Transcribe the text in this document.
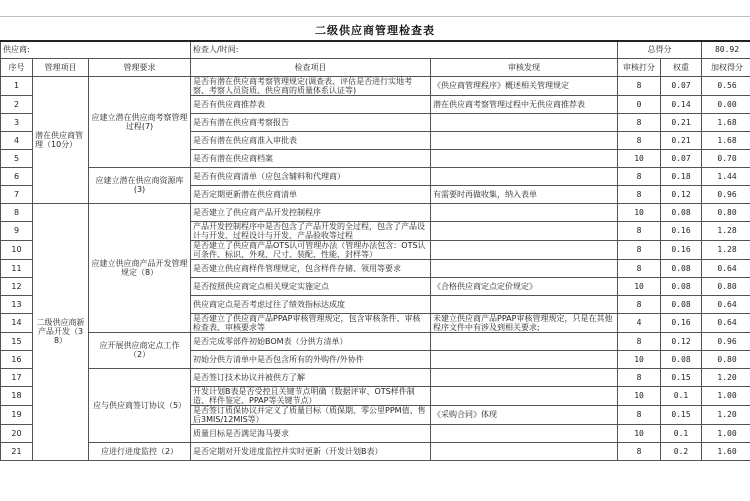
二级供应商管理检查表
供应商:			检查人/时间:		总得分		80.92
序号	管理项目	管理要求	检查项目	审核发现	审核打分	权重	加权得分
1	潜在供应商管理（10分）	应建立潜在供应商考察管理过程(7)	是否有潜在供应商考察管理规定(调查表、评估是否进行实地考察、考察人员资质、供应商的质量体系认证等)	《供应商管理程序》概述相关管理规定	8	0.07	0.56
2			是否有供应商推荐表	潜在供应商考察管理过程中无供应商推荐表	0	0.14	0.00
3			是否有潜在供应商考察报告		8	0.21	1.68
4			是否有潜在供应商准入审批表		8	0.21	1.68
5			是否有潜在供应商档案		10	0.07	0.70
6		应建立潜在供应商资源库(3)	是否有供应商清单（应包含辅料和代理商）		8	0.18	1.44
7			是否定期更新潜在供应商清单	有需要时再做收集，纳入表单	8	0.12	0.96
8	二级供应商新产品开发（38）	应建立供应商产品开发管理规定（8）	是否建立了供应商产品开发控制程序		10	0.08	0.80
9			产品开发控制程序中是否包含了产品开发的全过程，包含了产品设计与开发、过程设计与开发、产品验收等过程		8	0.16	1.28
10			是否建立了供应商产品OTS认可管理办法（管理办法包含：OTS认可条件、标识、外观、尺寸、装配、性能、封样等）		8	0.16	1.28
11			是否建立供应商样件管理规定，包含样件存储、领用等要求		8	0.08	0.64
12			是否按照供应商定点相关规定实施定点	《合格供应商定点定价规定》	10	0.08	0.80
13			供应商定点是否考虑过往了绩效指标达成度		8	0.08	0.64
14			是否建立了供应商产品PPAP审核管理规定，包含审核条件、审核检查表、审核要求等	未建立供应商产品PPAP审核管理规定，只是在其他程序文件中有涉及到相关要求;	4	0.16	0.64
15		应开展供应商定点工作（2）	是否完成零部件初始BOM表（分供方清单）		8	0.12	0.96
16			初始分供方清单中是否包含所有的外购件/外协件		10	0.08	0.80
17		应与供应商签订协议（5）	是否签订技术协议并被供方了解		8	0.15	1.20
18			开发计划B表是否受控且关键节点明确（数据评审、OTS样件制造、样件鉴定、PPAP等关键节点）		10	0.1	1.00
19			是否签订质保协议并定义了质量目标（质保期、零公里PPM值、售后3MIS/12MIS等）	《采购合同》体现	8	0.15	1.20
20			质量目标是否满足海马要求		10	0.1	1.00
21		应进行进度监控（2）	是否定期对开发进度监控并实时更新（开发计划B表）		8	0.2	1.60
